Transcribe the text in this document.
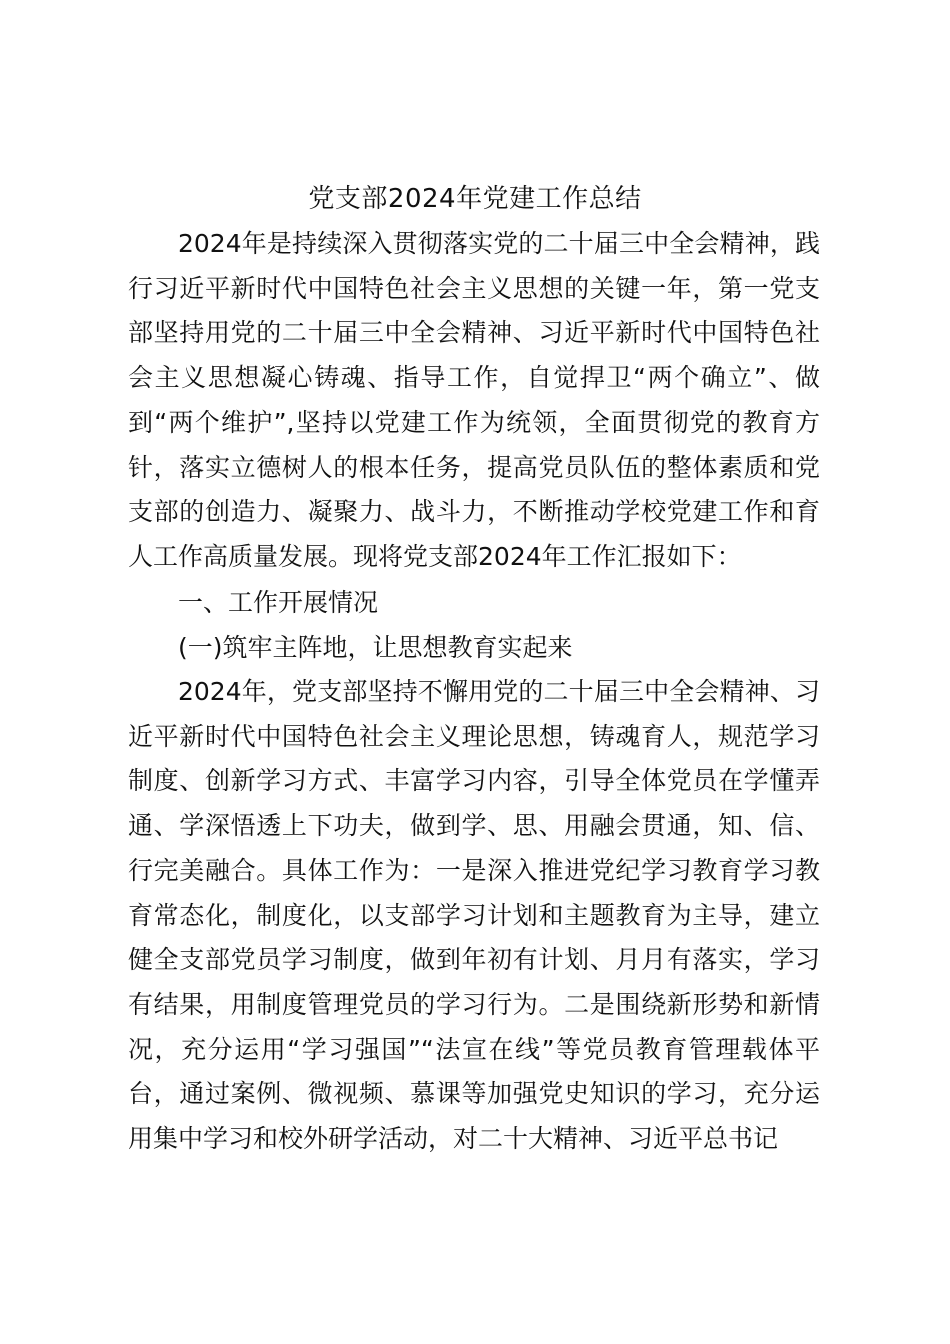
党支部2024年党建工作总结

2024年是持续深入贯彻落实党的二十届三中全会精神，践行习近平新时代中国特色社会主义思想的关键一年，第一党支部坚持用党的二十届三中全会精神、习近平新时代中国特色社会主义思想凝心铸魂、指导工作，自觉捍卫“两个确立”、做到“两个维护”,坚持以党建工作为统领，全面贯彻党的教育方针，落实立德树人的根本任务，提高党员队伍的整体素质和党支部的创造力、凝聚力、战斗力，不断推动学校党建工作和育人工作高质量发展。现将党支部2024年工作汇报如下：

一、工作开展情况

(一)筑牢主阵地，让思想教育实起来

2024年，党支部坚持不懈用党的二十届三中全会精神、习近平新时代中国特色社会主义理论思想，铸魂育人，规范学习制度、创新学习方式、丰富学习内容，引导全体党员在学懂弄通、学深悟透上下功夫，做到学、思、用融会贯通，知、信、行完美融合。具体工作为：一是深入推进党纪学习教育学习教育常态化，制度化，以支部学习计划和主题教育为主导，建立健全支部党员学习制度，做到年初有计划、月月有落实，学习有结果，用制度管理党员的学习行为。二是围绕新形势和新情况，充分运用“学习强国”“法宣在线”等党员教育管理载体平台，通过案例、微视频、慕课等加强党史知识的学习，充分运用集中学习和校外研学活动，对二十大精神、习近平总书记
